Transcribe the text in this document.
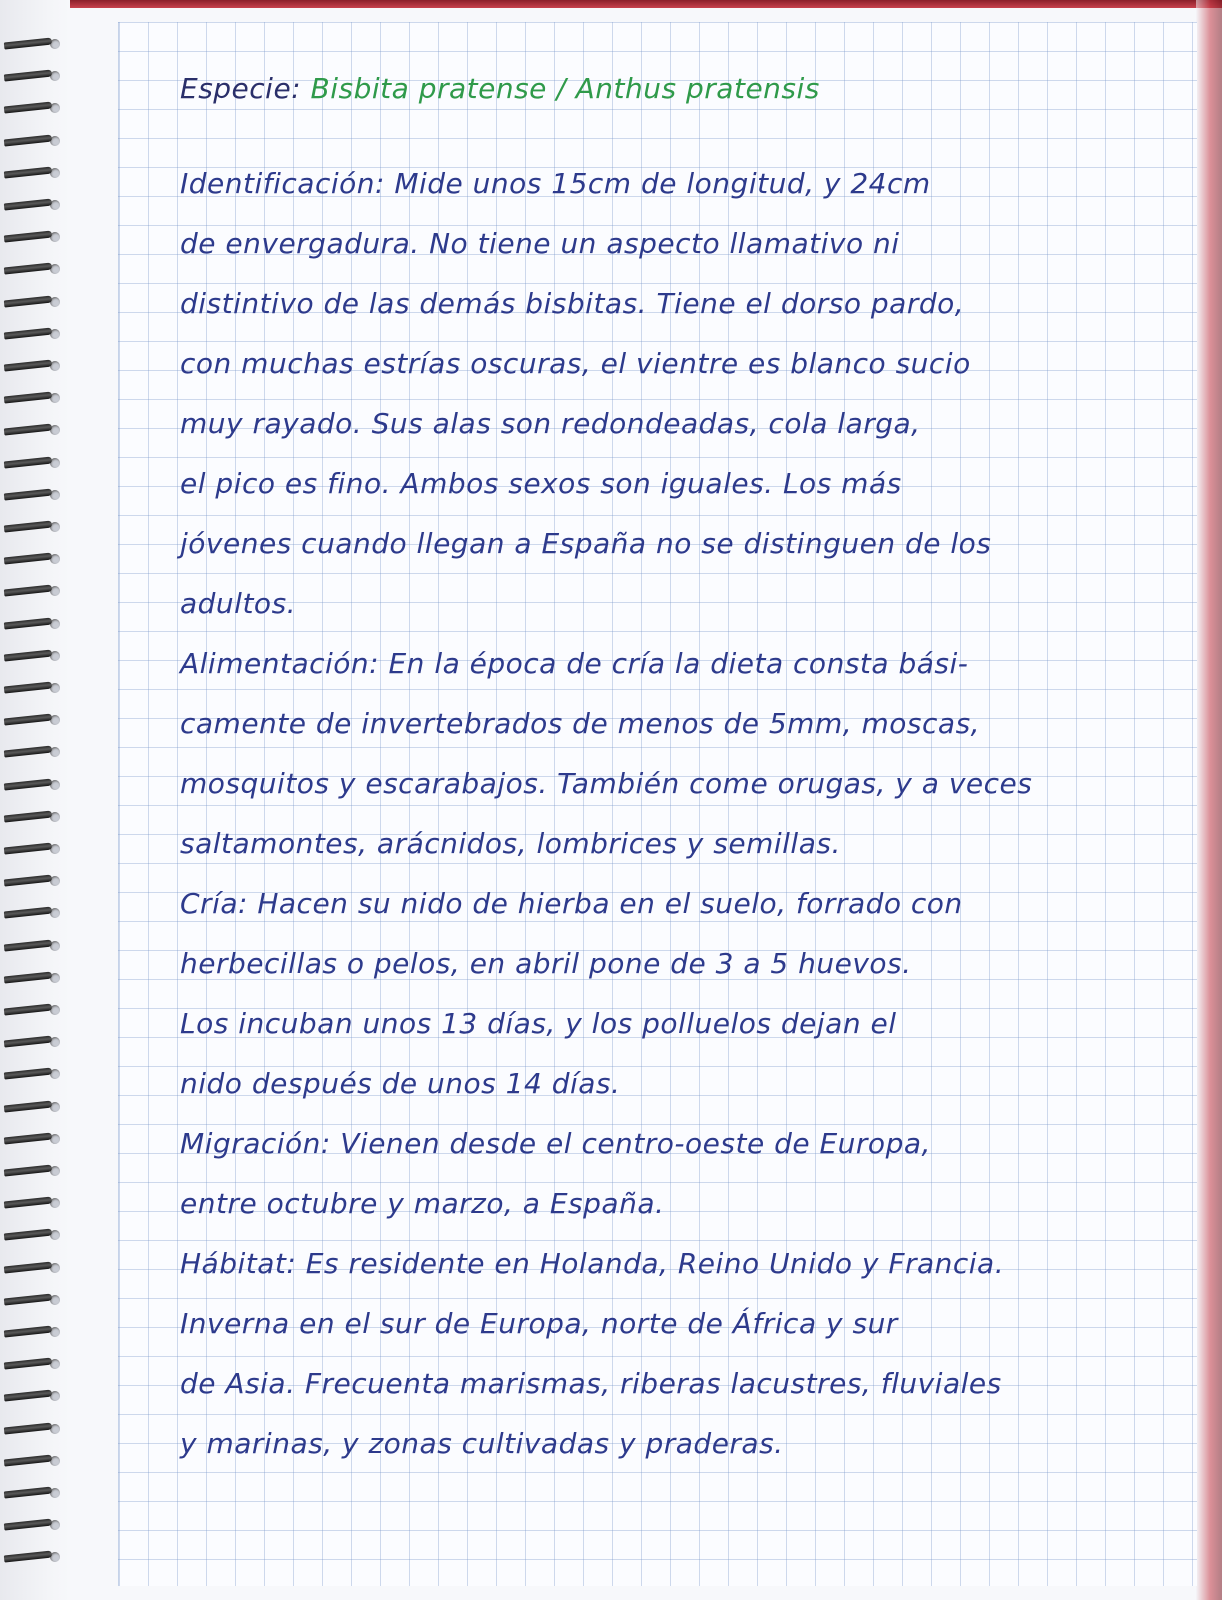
Especie: Bisbita pratense / Anthus pratensis
Identificación: Mide unos 15cm de longitud, y 24cm
de envergadura. No tiene un aspecto llamativo ni
distintivo de las demás bisbitas. Tiene el dorso pardo,
con muchas estrías oscuras, el vientre es blanco sucio
muy rayado. Sus alas son redondeadas, cola larga,
el pico es fino. Ambos sexos son iguales. Los más
jóvenes cuando llegan a España no se distinguen de los
adultos.
Alimentación: En la época de cría la dieta consta bási-
camente de invertebrados de menos de 5mm, moscas,
mosquitos y escarabajos. También come orugas, y a veces
saltamontes, arácnidos, lombrices y semillas.
Cría: Hacen su nido de hierba en el suelo, forrado con
herbecillas o pelos, en abril pone de 3 a 5 huevos.
Los incuban unos 13 días, y los polluelos dejan el
nido después de unos 14 días.
Migración: Vienen desde el centro-oeste de Europa,
entre octubre y marzo, a España.
Hábitat: Es residente en Holanda, Reino Unido y Francia.
Inverna en el sur de Europa, norte de África y sur
de Asia. Frecuenta marismas, riberas lacustres, fluviales
y marinas, y zonas cultivadas y praderas.
